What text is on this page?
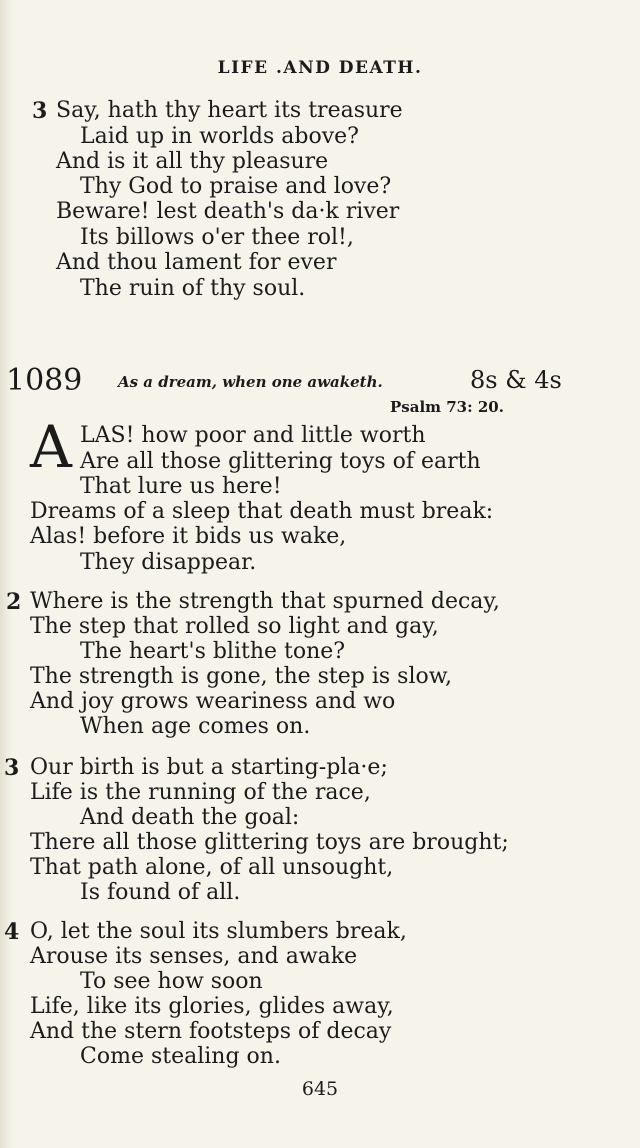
LIFE .AND DEATH.
3 Say, hath thy heart its treasure
Laid up in worlds above?
And is it all thy pleasure
Thy God to praise and love?
Beware! lest death's da·k river
Its billows o'er thee rol!,
And thou lament for ever
The ruin of thy soul.
1089 As a dream, when one awaketh.	8s & 4s
Psalm 73: 20.
A LAS! how poor and little worth
Are all those glittering toys of earth
That lure us here!
Dreams of a sleep that death must break:
Alas! before it bids us wake,
They disappear.
2 Where is the strength that spurned decay,
The step that rolled so light and gay,
The heart's blithe tone?
The strength is gone, the step is slow,
And joy grows weariness and wo
When age comes on.
3 Our birth is but a starting-pla·e;
Life is the running of the race,
And death the goal:
There all those glittering toys are brought;
That path alone, of all unsought,
Is found of all.
4 O, let the soul its slumbers break,
Arouse its senses, and awake
To see how soon
Life, like its glories, glides away,
And the stern footsteps of decay
Come stealing on.
645
